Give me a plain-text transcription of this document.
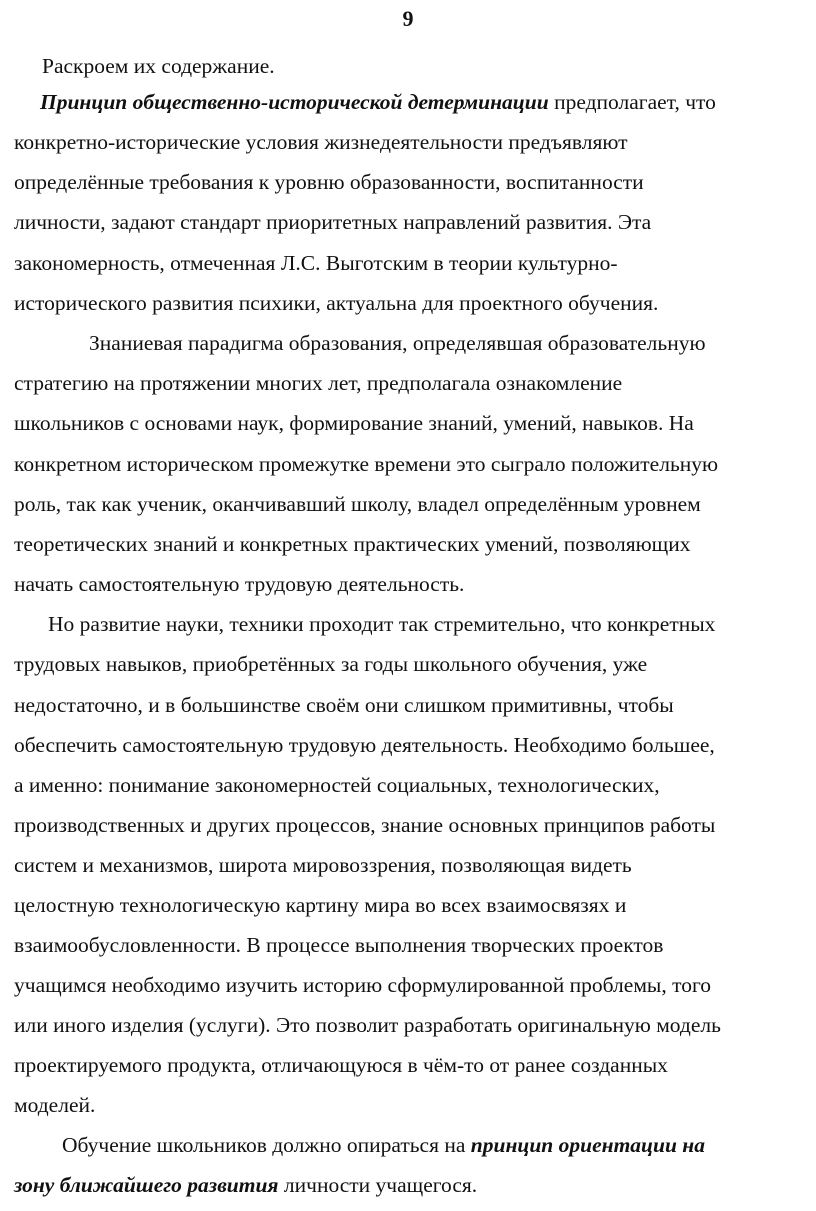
9
Раскроем их содержание.
Принцип общественно-исторической детерминации предполагает, что
конкретно-исторические условия жизнедеятельности предъявляют
определённые требования к уровню образованности, воспитанности
личности, задают стандарт приоритетных направлений развития. Эта
закономерность, отмеченная Л.С. Выготским в теории культурно-
исторического развития психики, актуальна для проектного обучения.
Знаниевая парадигма образования, определявшая образовательную
стратегию на протяжении многих лет, предполагала ознакомление
школьников с основами наук, формирование знаний, умений, навыков. На
конкретном историческом промежутке времени это сыграло положительную
роль, так как ученик, оканчивавший школу, владел определённым уровнем
теоретических знаний и конкретных практических умений, позволяющих
начать самостоятельную трудовую деятельность.
Но развитие науки, техники проходит так стремительно, что конкретных
трудовых навыков, приобретённых за годы школьного обучения, уже
недостаточно, и в большинстве своём они слишком примитивны, чтобы
обеспечить самостоятельную трудовую деятельность. Необходимо большее,
а именно: понимание закономерностей социальных, технологических,
производственных и других процессов, знание основных принципов работы
систем и механизмов, широта мировоззрения, позволяющая видеть
целостную технологическую картину мира во всех взаимосвязях и
взаимообусловленности. В процессе выполнения творческих проектов
учащимся необходимо изучить историю сформулированной проблемы, того
или иного изделия (услуги). Это позволит разработать оригинальную модель
проектируемого продукта, отличающуюся в чём-то от ранее созданных
моделей.
Обучение школьников должно опираться на принцип ориентации на
зону ближайшего развития личности учащегося.
